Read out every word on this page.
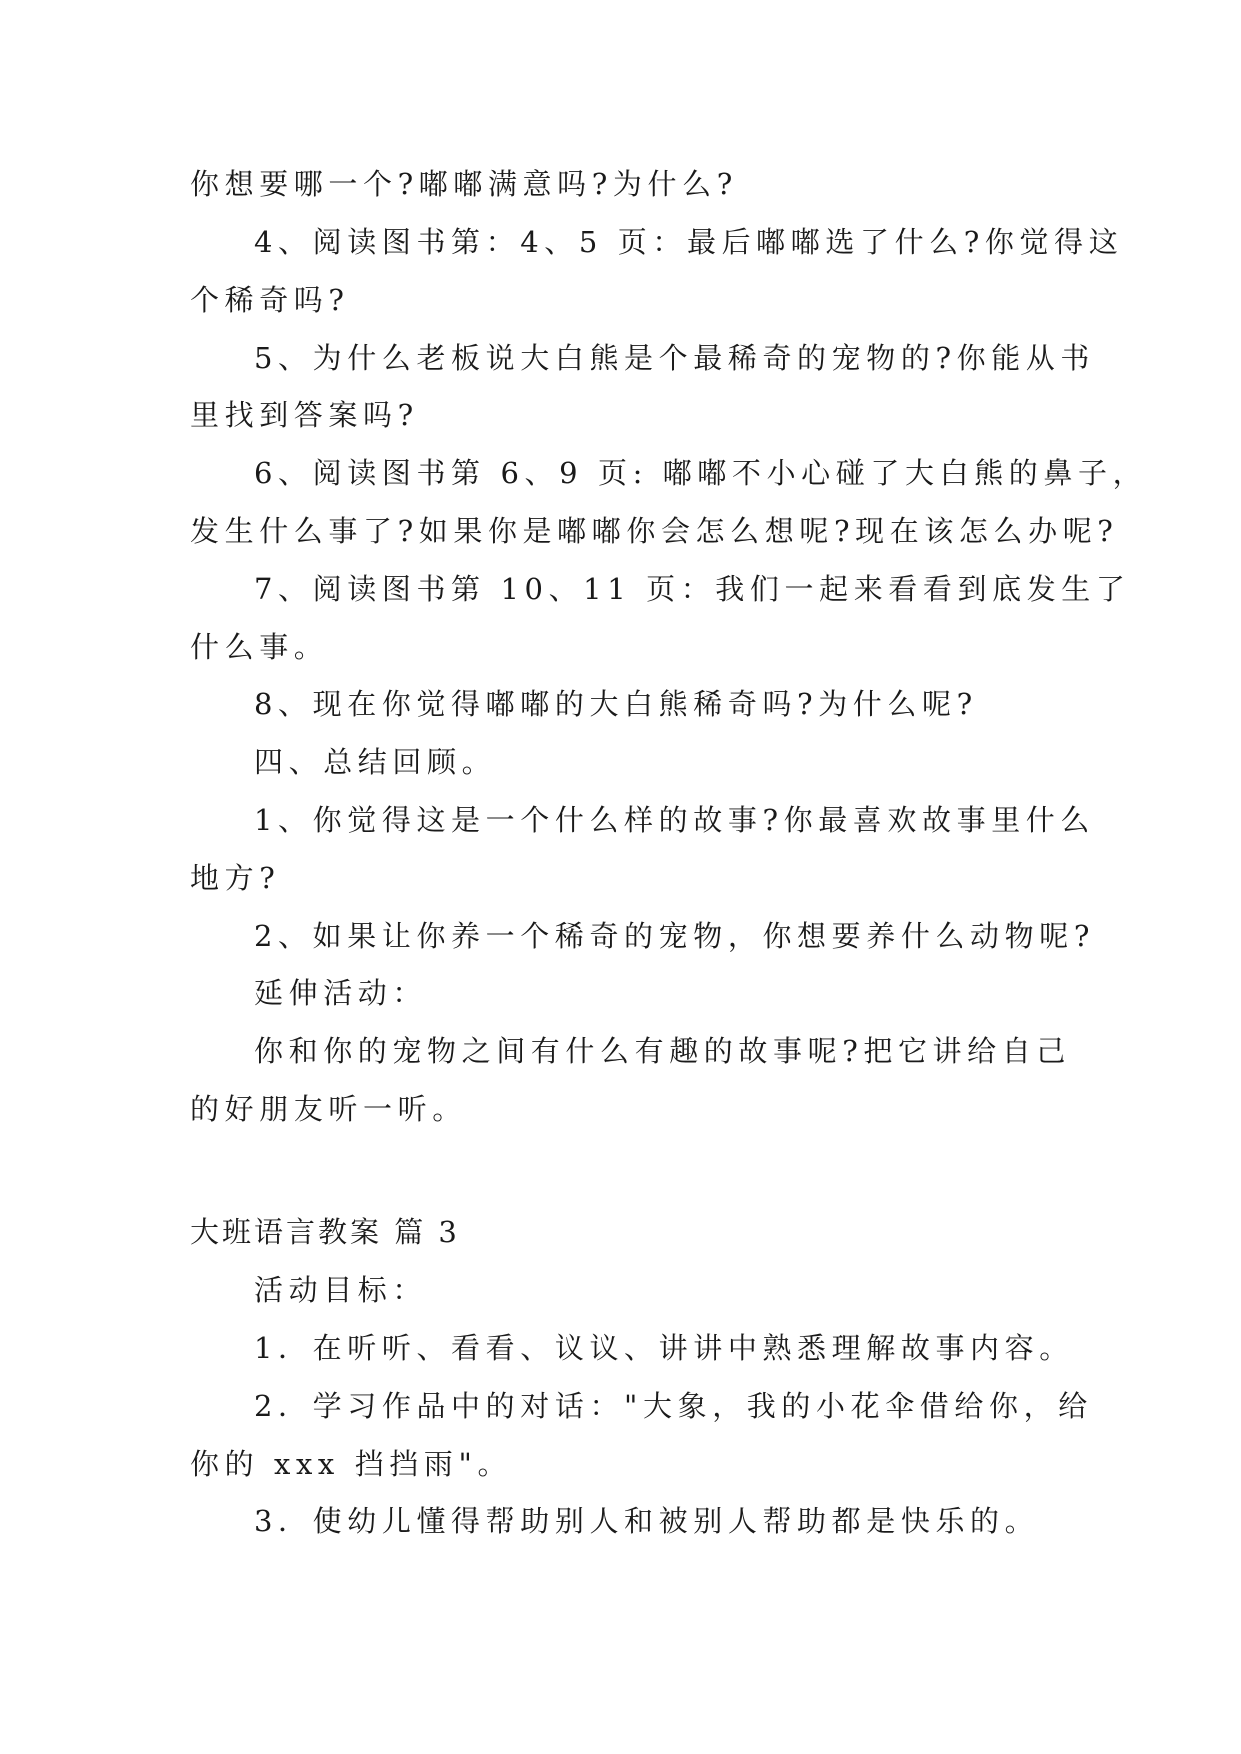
你想要哪一个?嘟嘟满意吗?为什么?
4、阅读图书第：4、5 页：最后嘟嘟选了什么?你觉得这
个稀奇吗?
5、为什么老板说大白熊是个最稀奇的宠物的?你能从书
里找到答案吗?
6、阅读图书第 6、9 页: 嘟嘟不小心碰了大白熊的鼻子，
发生什么事了?如果你是嘟嘟你会怎么想呢?现在该怎么办呢?
7、阅读图书第 10、11 页：我们一起来看看到底发生了
什么事。
8、现在你觉得嘟嘟的大白熊稀奇吗?为什么呢?
四、总结回顾。
1、你觉得这是一个什么样的故事?你最喜欢故事里什么
地方?
2、如果让你养一个稀奇的宠物，你想要养什么动物呢?
延伸活动：
你和你的宠物之间有什么有趣的故事呢?把它讲给自己
的好朋友听一听。
大班语言教案 篇 3
活动目标：
1．在听听、看看、议议、讲讲中熟悉理解故事内容。
2．学习作品中的对话："大象，我的小花伞借给你，给
你的 xxx 挡挡雨"。
3．使幼儿懂得帮助别人和被别人帮助都是快乐的。
